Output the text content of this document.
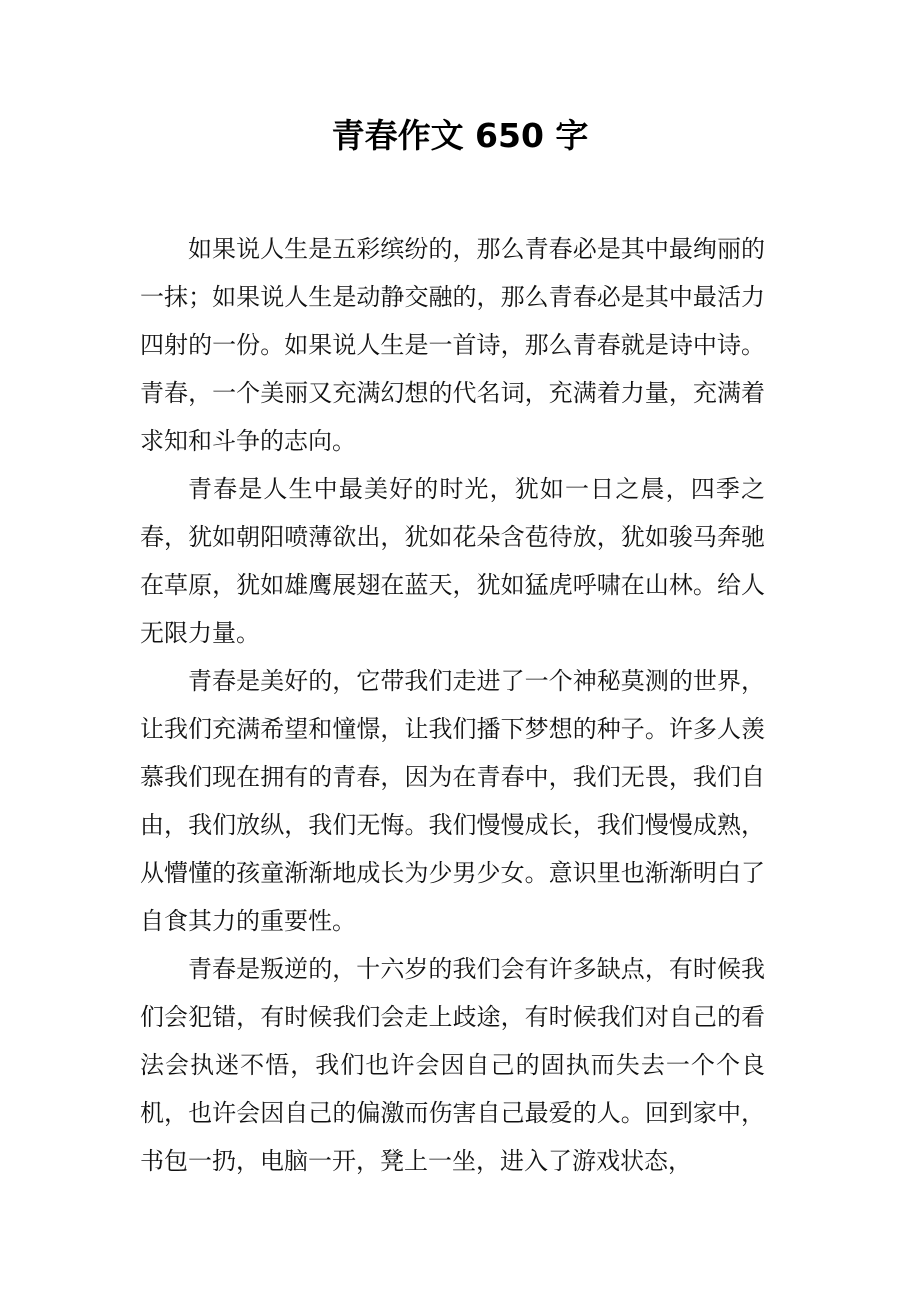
青春作文 650 字

如果说人生是五彩缤纷的，那么青春必是其中最绚丽的一抹；如果说人生是动静交融的，那么青春必是其中最活力四射的一份。如果说人生是一首诗，那么青春就是诗中诗。青春，一个美丽又充满幻想的代名词，充满着力量，充满着求知和斗争的志向。

青春是人生中最美好的时光，犹如一日之晨，四季之春，犹如朝阳喷薄欲出，犹如花朵含苞待放，犹如骏马奔驰在草原，犹如雄鹰展翅在蓝天，犹如猛虎呼啸在山林。给人无限力量。

青春是美好的，它带我们走进了一个神秘莫测的世界，让我们充满希望和憧憬，让我们播下梦想的种子。许多人羡慕我们现在拥有的青春，因为在青春中，我们无畏，我们自由，我们放纵，我们无悔。我们慢慢成长，我们慢慢成熟，从懵懂的孩童渐渐地成长为少男少女。意识里也渐渐明白了自食其力的重要性。

青春是叛逆的，十六岁的我们会有许多缺点，有时候我们会犯错，有时候我们会走上歧途，有时候我们对自己的看法会执迷不悟，我们也许会因自己的固执而失去一个个良机，也许会因自己的偏激而伤害自己最爱的人。回到家中，书包一扔，电脑一开，凳上一坐，进入了游戏状态，
